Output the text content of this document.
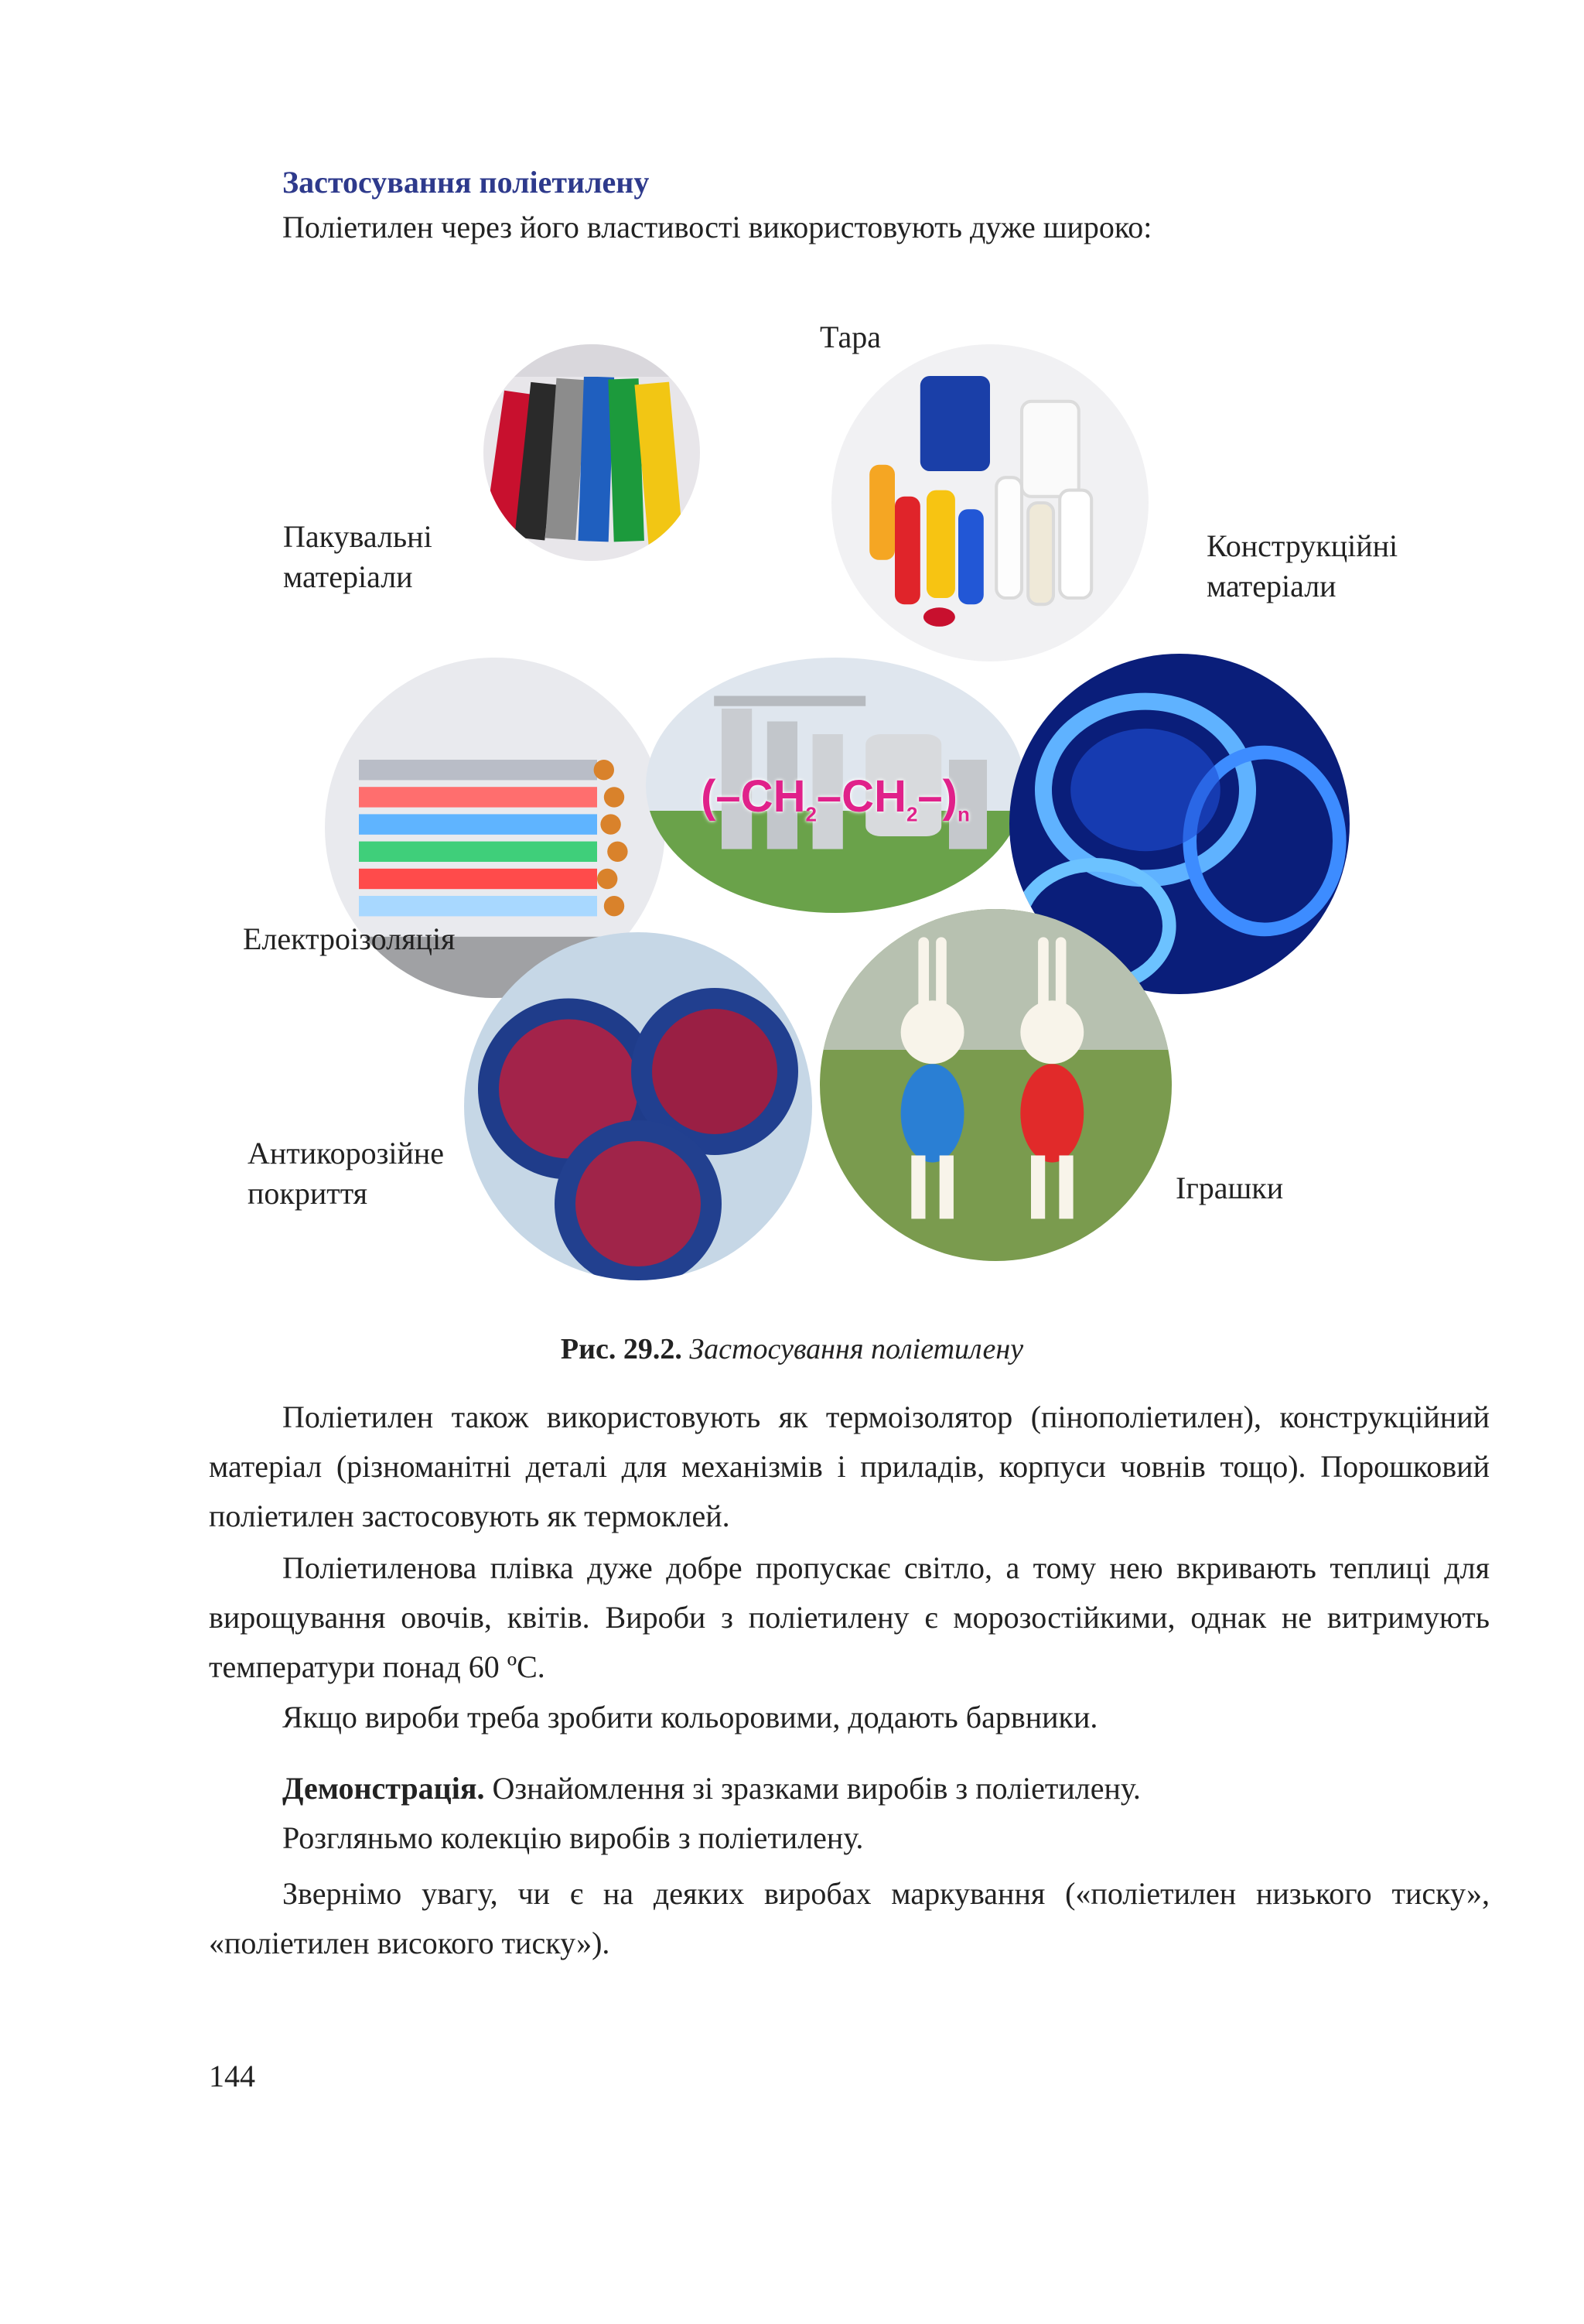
Застосування поліетилену
Поліетилен через його властивості використовують дуже широко:
$(-CH_2-CH_2-)_n$
Тара
Пакувальні
матеріали
Конструкційні
матеріали
Електроізоляція
Антикорозійне
покриття	Іграшки
Рис. 29.2. Застосування поліетилену

Поліетилен також використовують як термоізолятор (пінополіетилен), конструкційний матеріал (різноманітні деталі для механізмів і приладів, корпуси човнів тощо). Порошковий поліетилен застосовують як термоклей.

Поліетиленова плівка дуже добре пропускає світло, а тому нею вкривають теплиці для вирощування овочів, квітів. Вироби з поліетилену є морозостійкими, однак не витримують температури понад 60 ºС.

Якщо вироби треба зробити кольоровими, додають барвники.

Демонстрація. Ознайомлення зі зразками виробів з поліетилену.
Розгляньмо колекцію виробів з поліетилену.

Звернімо увагу, чи є на деяких виробах маркування («поліетилен низького тиску», «поліетилен високого тиску»).

144
